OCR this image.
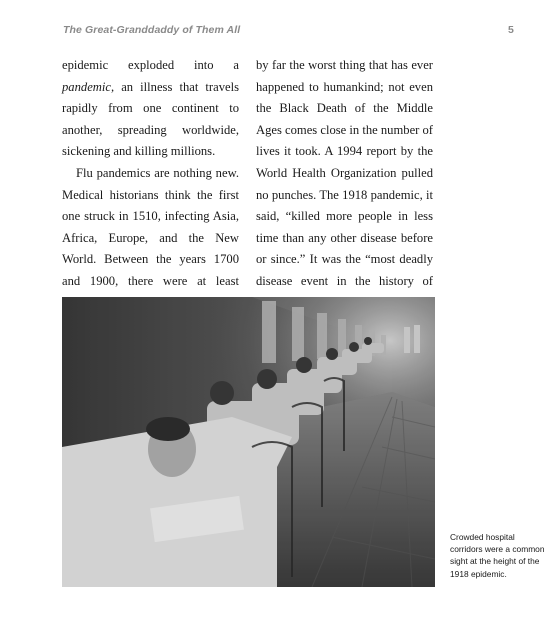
The Great-Granddaddy of Them All	5

epidemic exploded into a pandemic, an illness that travels rapidly from one continent to another, spreading worldwide, sickening and killing millions.

Flu pandemics are nothing new. Medical historians think the first one struck in 1510, infecting Asia, Africa, Europe, and the New World. Between the years 1700 and 1900, there were at least

by far the worst thing that has ever happened to humankind; not even the Black Death of the Middle Ages comes close in the number of lives it took. A 1994 report by the World Health Organization pulled no punches. The 1918 pandemic, it said, “killed more people in less time than any other disease before or since.” It was the “most deadly disease event in the history of

Crowded hospital corridors were a common sight at the height of the 1918 epidemic.
